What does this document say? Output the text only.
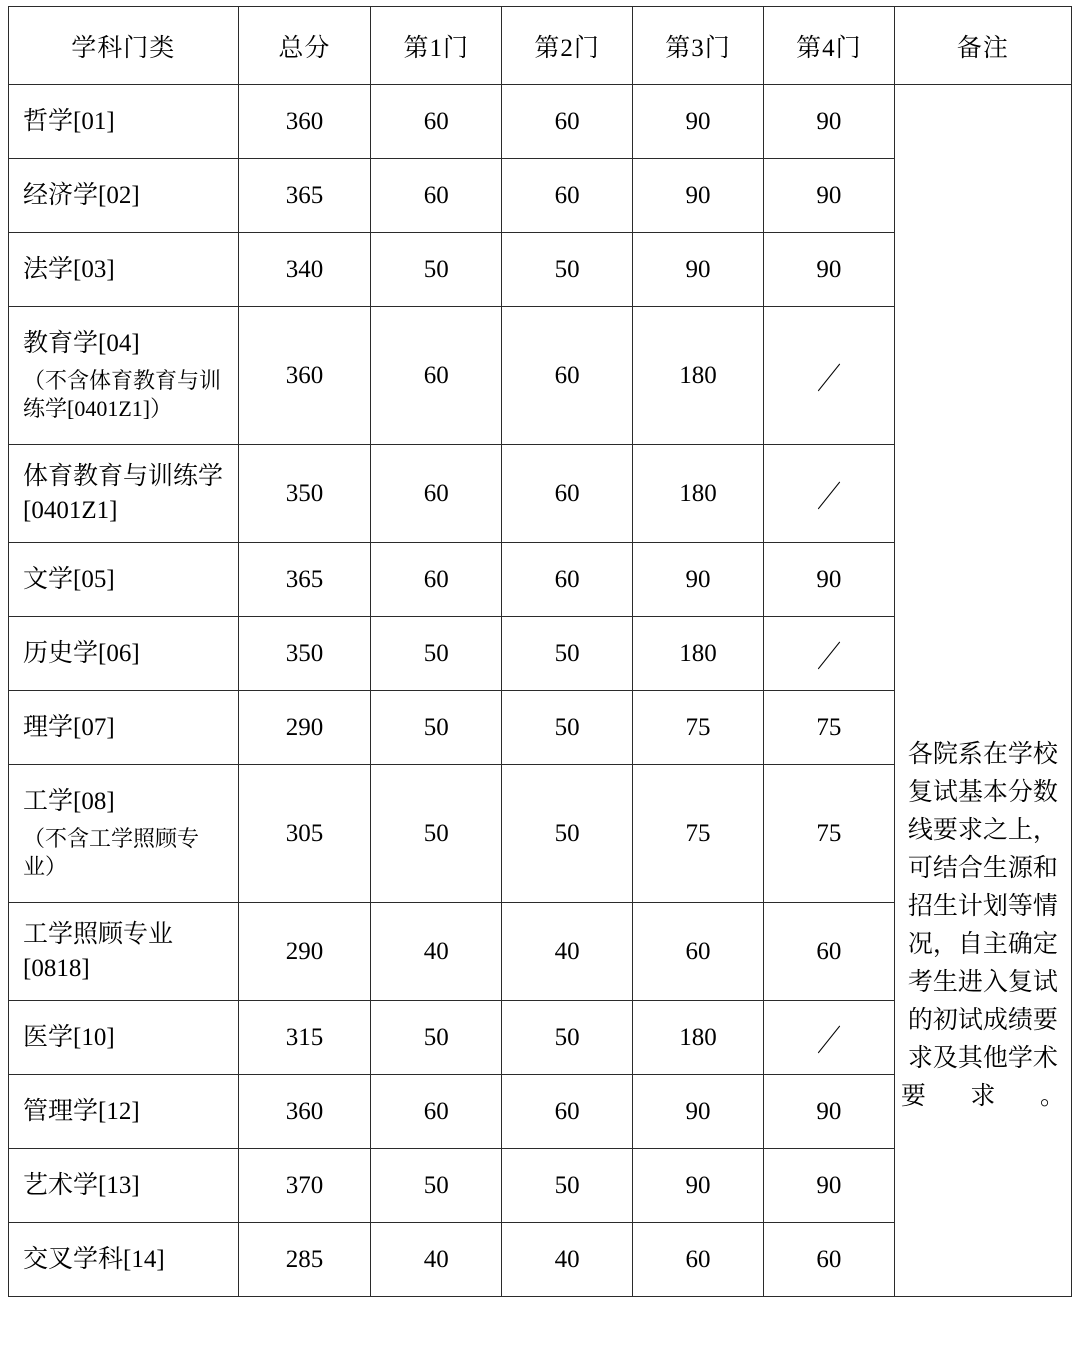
学科门类	总分	第1门	第2门	第3门	第4门	备注
哲学[01]	360	60	60	90	90	各院系在学校复试基本分数线要求之上，可结合生源和招生计划等情况，自主确定考生进入复试的初试成绩要求及其他学术要求。

经济学[02]	365	60	60	90	90	
法学[03]	340	50	50	90	90	
教育学[04]
（不含体育教育与训练学[0401Z1]）	360	60	60	180	／	
体育教育与训练学[0401Z1]	350	60	60	180	／	
文学[05]	365	60	60	90	90	
历史学[06]	350	50	50	180	／	
理学[07]	290	50	50	75	75	
工学[08]
（不含工学照顾专业）	305	50	50	75	75	
工学照顾专业[0818]	290	40	40	60	60	
医学[10]	315	50	50	180	／	
管理学[12]	360	60	60	90	90	
艺术学[13]	370	50	50	90	90	
交叉学科[14]	285	40	40	60	60	
